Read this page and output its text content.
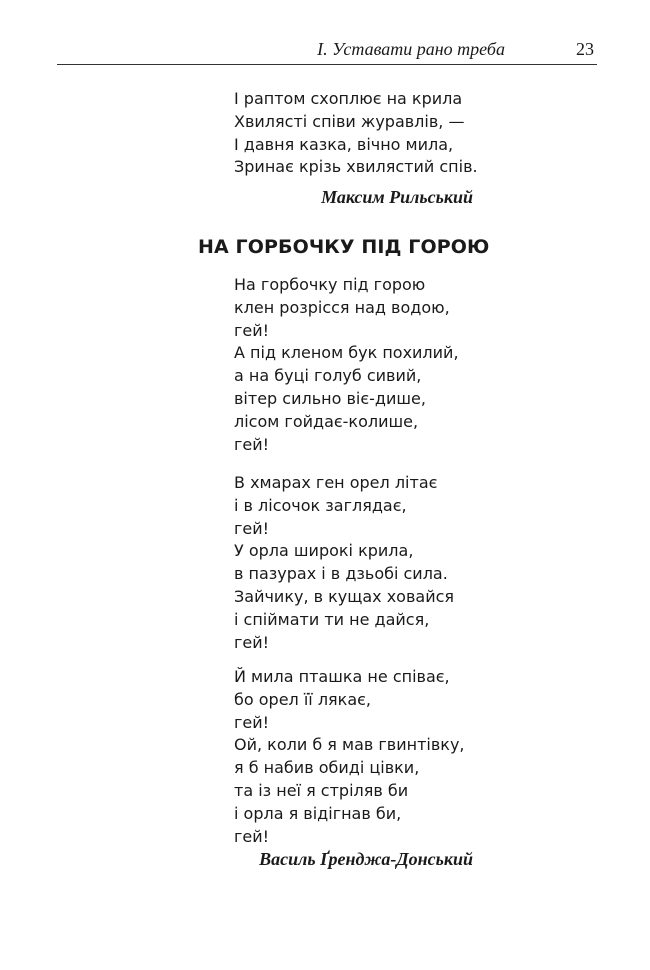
I. Уставати рано треба	23
І раптом схоплює на крила
Хвилясті співи журавлів, —
І давня казка, вічно мила,
Зринає крізь хвилястий спів.
Максим Рильський
НА ГОРБОЧКУ ПІД ГОРОЮ
На горбочку під горою
клен розрісся над водою,
гей!
А під кленом бук похилий,
а на буці голуб сивий,
вітер сильно віє-дише,
лісом гойдає-колише,
гей!
В хмарах ген орел літає
і в лісочок заглядає,
гей!
У орла широкі крила,
в пазурах і в дзьобі сила.
Зайчику, в кущах ховайся
і спіймати ти не дайся,
гей!
Й мила пташка не співає,
бо орел її лякає,
гей!
Ой, коли б я мав гвинтівку,
я б набив обиді цівки,
та із неї я стріляв би
і орла я відігнав би,
гей!
Василь Ґренджа-Донський
